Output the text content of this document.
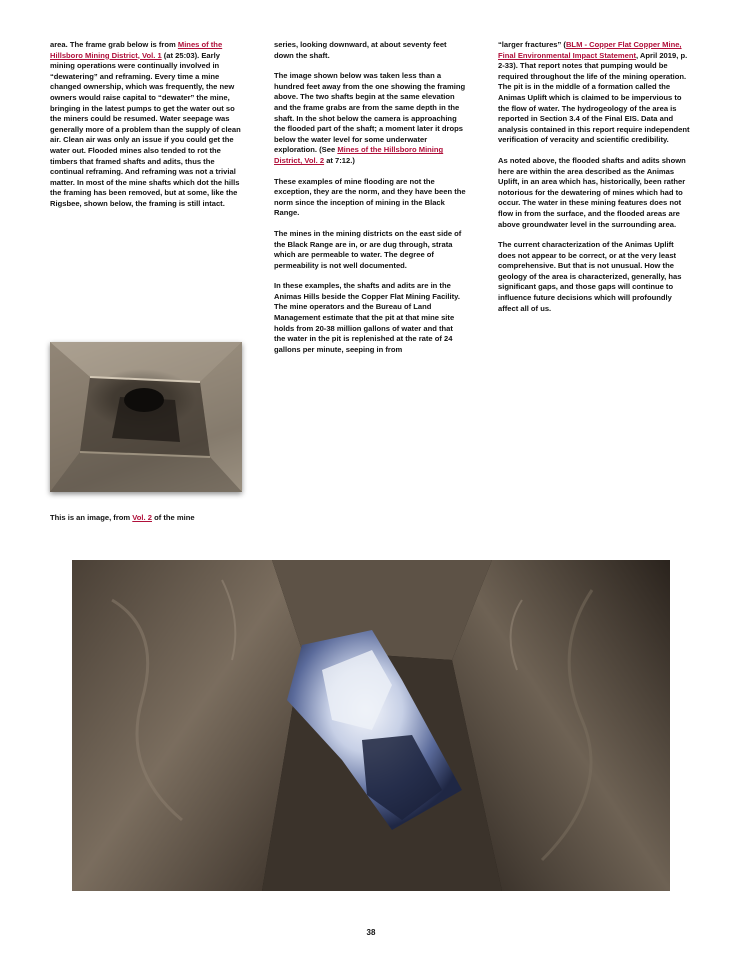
area. The frame grab below is from Mines of the Hillsboro Mining District, Vol. 1 (at 25:03). Early mining operations were continually involved in “dewatering” and reframing. Every time a mine changed ownership, which was frequently, the new owners would raise capital to “dewater” the mine, bringing in the latest pumps to get the water out so the miners could be resumed. Water seepage was generally more of a problem than the supply of clean air. Clean air was only an issue if you could get the water out. Flooded mines also tended to rot the timbers that framed shafts and adits, thus the continual reframing. And reframing was not a trivial matter. In most of the mine shafts which dot the hills the framing has been removed, but at some, like the Rigsbee, shown below, the framing is still intact.

This is an image, from Vol. 2 of the mine

series, looking downward, at about seventy feet down the shaft.

The image shown below was taken less than a hundred feet away from the one showing the framing above. The two shafts begin at the same elevation and the frame grabs are from the same depth in the shaft. In the shot below the camera is approaching the flooded part of the shaft; a moment later it drops below the water level for some underwater exploration. (See Mines of the Hillsboro Mining District, Vol. 2 at 7:12.)

These examples of mine flooding are not the exception, they are the norm, and they have been the norm since the inception of mining in the Black Range.

The mines in the mining districts on the east side of the Black Range are in, or are dug through, strata which are permeable to water. The degree of permeability is not well documented.

In these examples, the shafts and adits are in the Animas Hills beside the Copper Flat Mining Facility. The mine operators and the Bureau of Land Management estimate that the pit at that mine site holds from 20-38 million gallons of water and that the water in the pit is replenished at the rate of 24 gallons per minute, seeping in from

“larger fractures” (BLM - Copper Flat Copper Mine, Final Environmental Impact Statement, April 2019, p. 2-33). That report notes that pumping would be required throughout the life of the mining operation. The pit is in the middle of a formation called the Animas Uplift which is claimed to be impervious to the flow of water. The hydrogeology of the area is reported in Section 3.4 of the Final EIS. Data and analysis contained in this report require independent verification of veracity and scientific credibility.

As noted above, the flooded shafts and adits shown here are within the area described as the Animas Uplift, in an area which has, historically, been rather notorious for the dewatering of mines which had to occur. The water in these mining features does not flow in from the surface, and the flooded areas are above groundwater level in the surrounding area.

The current characterization of the Animas Uplift does not appear to be correct, or at the very least comprehensive. But that is not unusual. How the geology of the area is characterized, generally, has significant gaps, and those gaps will continue to influence future decisions which will profoundly affect all of us.

38
